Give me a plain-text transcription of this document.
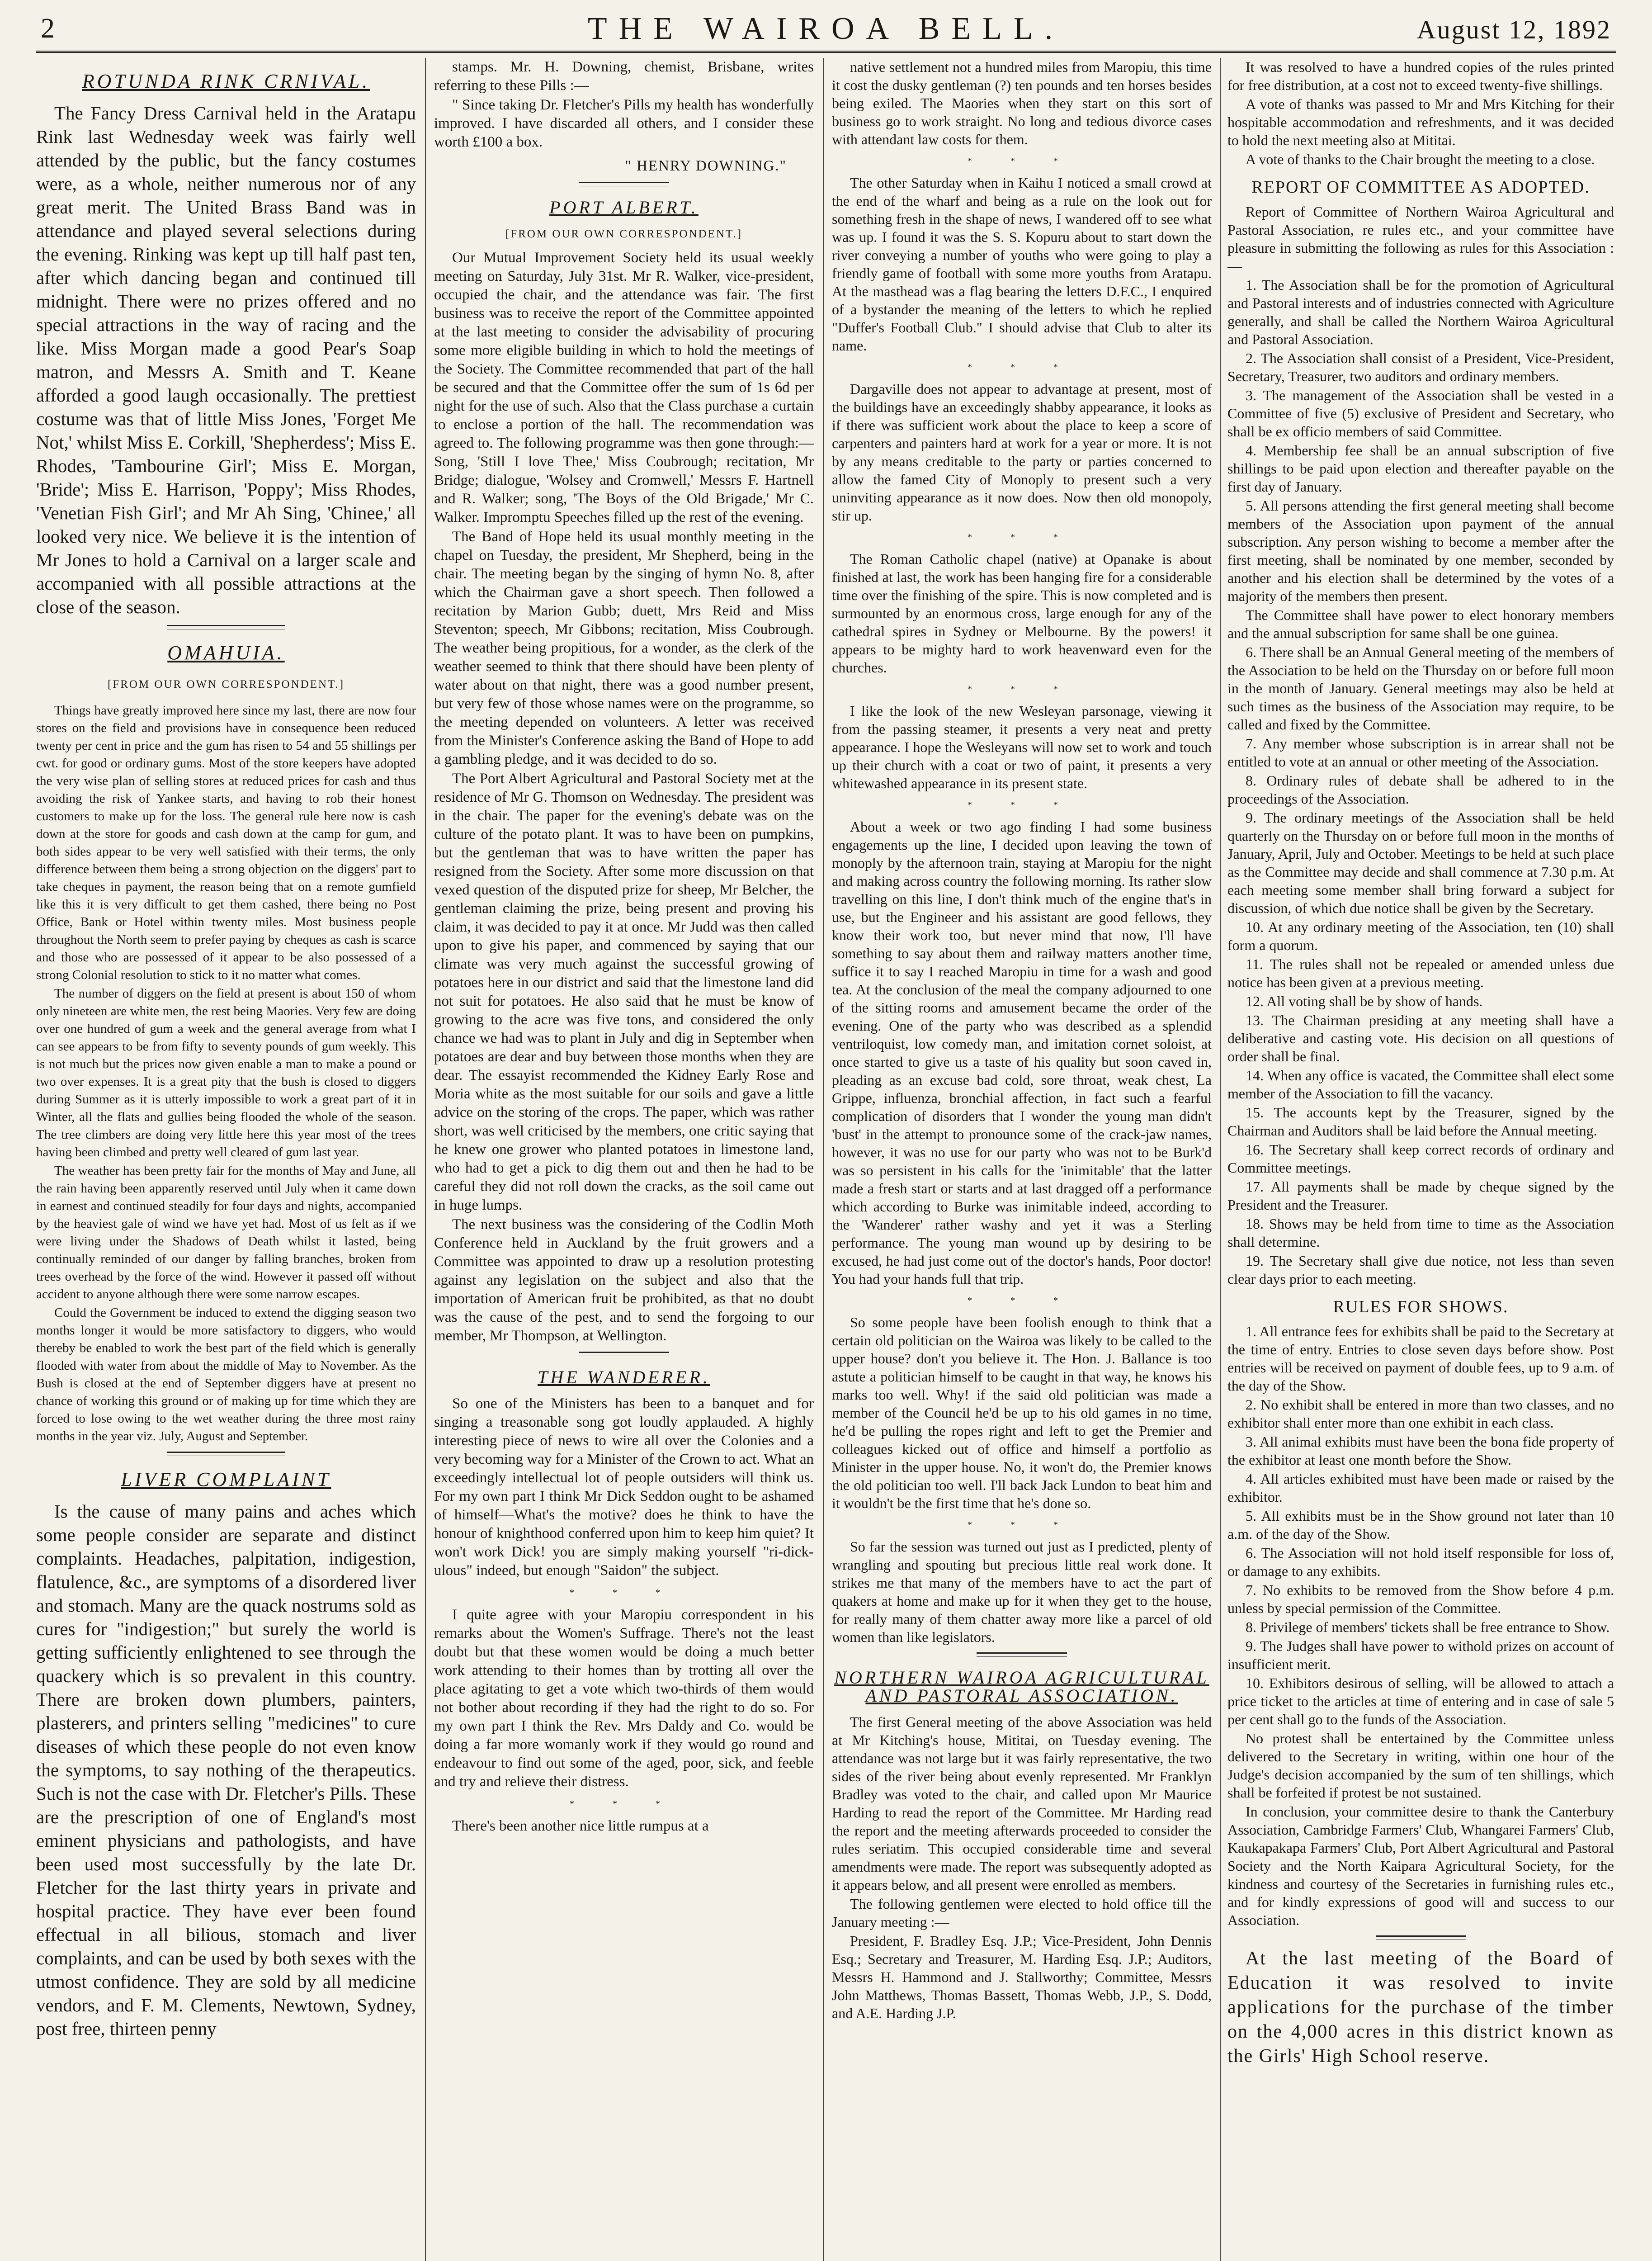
2	THE WAIROA BELL.	August 12, 1892
ROTUNDA RINK CRNIVAL.

The Fancy Dress Carnival held in the Aratapu Rink last Wednesday week was fairly well attended by the public, but the fancy costumes were, as a whole, neither numerous nor of any great merit. The United Brass Band was in attendance and played several selections during the evening. Rinking was kept up till half past ten, after which dancing began and continued till midnight. There were no prizes offered and no special attractions in the way of racing and the like. Miss Morgan made a good Pear's Soap matron, and Messrs A. Smith and T. Keane afforded a good laugh occasionally. The prettiest costume was that of little Miss Jones, 'Forget Me Not,' whilst Miss E. Corkill, 'Shepherdess'; Miss E. Rhodes, 'Tambourine Girl'; Miss E. Morgan, 'Bride'; Miss E. Harrison, 'Poppy'; Miss Rhodes, 'Venetian Fish Girl'; and Mr Ah Sing, 'Chinee,' all looked very nice. We believe it is the intention of Mr Jones to hold a Carnival on a larger scale and accompanied with all possible attractions at the close of the season.

OMAHUIA.
[FROM OUR OWN CORRESPONDENT.]

Things have greatly improved here since my last, there are now four stores on the field and provisions have in consequence been reduced twenty per cent in price and the gum has risen to 54 and 55 shillings per cwt. for good or ordinary gums. Most of the store keepers have adopted the very wise plan of selling stores at reduced prices for cash and thus avoiding the risk of Yankee starts, and having to rob their honest customers to make up for the loss. The general rule here now is cash down at the store for goods and cash down at the camp for gum, and both sides appear to be very well satisfied with their terms, the only difference between them being a strong objection on the diggers' part to take cheques in payment, the reason being that on a remote gumfield like this it is very difficult to get them cashed, there being no Post Office, Bank or Hotel within twenty miles. Most business people throughout the North seem to prefer paying by cheques as cash is scarce and those who are possessed of it appear to be also possessed of a strong Colonial resolution to stick to it no matter what comes.

The number of diggers on the field at present is about 150 of whom only nineteen are white men, the rest being Maories. Very few are doing over one hundred of gum a week and the general average from what I can see appears to be from fifty to seventy pounds of gum weekly. This is not much but the prices now given enable a man to make a pound or two over expenses. It is a great pity that the bush is closed to diggers during Summer as it is utterly impossible to work a great part of it in Winter, all the flats and gullies being flooded the whole of the season. The tree climbers are doing very little here this year most of the trees having been climbed and pretty well cleared of gum last year.

The weather has been pretty fair for the months of May and June, all the rain having been apparently reserved until July when it came down in earnest and continued steadily for four days and nights, accompanied by the heaviest gale of wind we have yet had. Most of us felt as if we were living under the Shadows of Death whilst it lasted, being continually reminded of our danger by falling branches, broken from trees overhead by the force of the wind. However it passed off without accident to anyone although there were some narrow escapes.

Could the Government be induced to extend the digging season two months longer it would be more satisfactory to diggers, who would thereby be enabled to work the best part of the field which is generally flooded with water from about the middle of May to November. As the Bush is closed at the end of September diggers have at present no chance of working this ground or of making up for time which they are forced to lose owing to the wet weather during the three most rainy months in the year viz. July, August and September.

LIVER COMPLAINT

Is the cause of many pains and aches which some people consider are separate and distinct complaints. Headaches, palpitation, indigestion, flatulence, &c., are symptoms of a disordered liver and stomach. Many are the quack nostrums sold as cures for "indigestion;" but surely the world is getting sufficiently enlightened to see through the quackery which is so prevalent in this country. There are broken down plumbers, painters, plasterers, and printers selling "medicines" to cure diseases of which these people do not even know the symptoms, to say nothing of the therapeutics. Such is not the case with Dr. Fletcher's Pills. These are the prescription of one of England's most eminent physicians and pathologists, and have been used most successfully by the late Dr. Fletcher for the last thirty years in private and hospital practice. They have ever been found effectual in all bilious, stomach and liver complaints, and can be used by both sexes with the utmost confidence. They are sold by all medicine vendors, and F. M. Clements, Newtown, Sydney, post free, thirteen penny

stamps. Mr. H. Downing, chemist, Brisbane, writes referring to these Pills :—

" Since taking Dr. Fletcher's Pills my health has wonderfully improved. I have discarded all others, and I consider these worth £100 a box.

" HENRY DOWNING."
PORT ALBERT.
[FROM OUR OWN CORRESPONDENT.]

Our Mutual Improvement Society held its usual weekly meeting on Saturday, July 31st. Mr R. Walker, vice-president, occupied the chair, and the attendance was fair. The first business was to receive the report of the Committee appointed at the last meeting to consider the advisability of procuring some more eligible building in which to hold the meetings of the Society. The Committee recommended that part of the hall be secured and that the Committee offer the sum of 1s 6d per night for the use of such. Also that the Class purchase a curtain to enclose a portion of the hall. The recommendation was agreed to. The following programme was then gone through:—Song, 'Still I love Thee,' Miss Coubrough; recitation, Mr Bridge; dialogue, 'Wolsey and Cromwell,' Messrs F. Hartnell and R. Walker; song, 'The Boys of the Old Brigade,' Mr C. Walker. Impromptu Speeches filled up the rest of the evening.

The Band of Hope held its usual monthly meeting in the chapel on Tuesday, the president, Mr Shepherd, being in the chair. The meeting began by the singing of hymn No. 8, after which the Chairman gave a short speech. Then followed a recitation by Marion Gubb; duett, Mrs Reid and Miss Steventon; speech, Mr Gibbons; recitation, Miss Coubrough. The weather being propitious, for a wonder, as the clerk of the weather seemed to think that there should have been plenty of water about on that night, there was a good number present, but very few of those whose names were on the programme, so the meeting depended on volunteers. A letter was received from the Minister's Conference asking the Band of Hope to add a gambling pledge, and it was decided to do so.

The Port Albert Agricultural and Pastoral Society met at the residence of Mr G. Thomson on Wednesday. The president was in the chair. The paper for the evening's debate was on the culture of the potato plant. It was to have been on pumpkins, but the gentleman that was to have written the paper has resigned from the Society. After some more discussion on that vexed question of the disputed prize for sheep, Mr Belcher, the gentleman claiming the prize, being present and proving his claim, it was decided to pay it at once. Mr Judd was then called upon to give his paper, and commenced by saying that our climate was very much against the successful growing of potatoes here in our district and said that the limestone land did not suit for potatoes. He also said that he must be know of growing to the acre was five tons, and considered the only chance we had was to plant in July and dig in September when potatoes are dear and buy between those months when they are dear. The essayist recommended the Kidney Early Rose and Moria white as the most suitable for our soils and gave a little advice on the storing of the crops. The paper, which was rather short, was well criticised by the members, one critic saying that he knew one grower who planted potatoes in limestone land, who had to get a pick to dig them out and then he had to be careful they did not roll down the cracks, as the soil came out in huge lumps.

The next business was the considering of the Codlin Moth Conference held in Auckland by the fruit growers and a Committee was appointed to draw up a resolution protesting against any legislation on the subject and also that the importation of American fruit be prohibited, as that no doubt was the cause of the pest, and to send the forgoing to our member, Mr Thompson, at Wellington.

THE WANDERER.

So one of the Ministers has been to a banquet and for singing a treasonable song got loudly applauded. A highly interesting piece of news to wire all over the Colonies and a very becoming way for a Minister of the Crown to act. What an exceedingly intellectual lot of people outsiders will think us. For my own part I think Mr Dick Seddon ought to be ashamed of himself—What's the motive? does he think to have the honour of knighthood conferred upon him to keep him quiet? It won't work Dick! you are simply making yourself "ri-dick-ulous" indeed, but enough "Saidon" the subject.

* * *

I quite agree with your Maropiu correspondent in his remarks about the Women's Suffrage. There's not the least doubt but that these women would be doing a much better work attending to their homes than by trotting all over the place agitating to get a vote which two-thirds of them would not bother about recording if they had the right to do so. For my own part I think the Rev. Mrs Daldy and Co. would be doing a far more womanly work if they would go round and endeavour to find out some of the aged, poor, sick, and feeble and try and relieve their distress.

* * *

There's been another nice little rumpus at a

native settlement not a hundred miles from Maropiu, this time it cost the dusky gentleman (?) ten pounds and ten horses besides being exiled. The Maories when they start on this sort of business go to work straight. No long and tedious divorce cases with attendant law costs for them.

* * *

The other Saturday when in Kaihu I noticed a small crowd at the end of the wharf and being as a rule on the look out for something fresh in the shape of news, I wandered off to see what was up. I found it was the S. S. Kopuru about to start down the river conveying a number of youths who were going to play a friendly game of football with some more youths from Aratapu. At the masthead was a flag bearing the letters D.F.C., I enquired of a bystander the meaning of the letters to which he replied "Duffer's Football Club." I should advise that Club to alter its name.

* * *

Dargaville does not appear to advantage at present, most of the buildings have an exceedingly shabby appearance, it looks as if there was sufficient work about the place to keep a score of carpenters and painters hard at work for a year or more. It is not by any means creditable to the party or parties concerned to allow the famed City of Monoply to present such a very uninviting appearance as it now does. Now then old monopoly, stir up.

* * *

The Roman Catholic chapel (native) at Opanake is about finished at last, the work has been hanging fire for a considerable time over the finishing of the spire. This is now completed and is surmounted by an enormous cross, large enough for any of the cathedral spires in Sydney or Melbourne. By the powers! it appears to be mighty hard to work heavenward even for the churches.

* * *

I like the look of the new Wesleyan parsonage, viewing it from the passing steamer, it presents a very neat and pretty appearance. I hope the Wesleyans will now set to work and touch up their church with a coat or two of paint, it presents a very whitewashed appearance in its present state.

* * *

About a week or two ago finding I had some business engagements up the line, I decided upon leaving the town of monoply by the afternoon train, staying at Maropiu for the night and making across country the following morning. Its rather slow travelling on this line, I don't think much of the engine that's in use, but the Engineer and his assistant are good fellows, they know their work too, but never mind that now, I'll have something to say about them and railway matters another time, suffice it to say I reached Maropiu in time for a wash and good tea. At the conclusion of the meal the company adjourned to one of the sitting rooms and amusement became the order of the evening. One of the party who was described as a splendid ventriloquist, low comedy man, and imitation cornet soloist, at once started to give us a taste of his quality but soon caved in, pleading as an excuse bad cold, sore throat, weak chest, La Grippe, influenza, bronchial affection, in fact such a fearful complication of disorders that I wonder the young man didn't 'bust' in the attempt to pronounce some of the crack-jaw names, however, it was no use for our party who was not to be Burk'd was so persistent in his calls for the 'inimitable' that the latter made a fresh start or starts and at last dragged off a performance which according to Burke was inimitable indeed, according to the 'Wanderer' rather washy and yet it was a Sterling performance. The young man wound up by desiring to be excused, he had just come out of the doctor's hands, Poor doctor! You had your hands full that trip.

* * *

So some people have been foolish enough to think that a certain old politician on the Wairoa was likely to be called to the upper house? don't you believe it. The Hon. J. Ballance is too astute a politician himself to be caught in that way, he knows his marks too well. Why! if the said old politician was made a member of the Council he'd be up to his old games in no time, he'd be pulling the ropes right and left to get the Premier and colleagues kicked out of office and himself a portfolio as Minister in the upper house. No, it won't do, the Premier knows the old politician too well. I'll back Jack Lundon to beat him and it wouldn't be the first time that he's done so.

* * *

So far the session was turned out just as I predicted, plenty of wrangling and spouting but precious little real work done. It strikes me that many of the members have to act the part of quakers at home and make up for it when they get to the house, for really many of them chatter away more like a parcel of old women than like legislators.

NORTHERN WAIROA AGRICULTURAL AND PASTORAL ASSOCIATION.

The first General meeting of the above Association was held at Mr Kitching's house, Mititai, on Tuesday evening. The attendance was not large but it was fairly representative, the two sides of the river being about evenly represented. Mr Franklyn Bradley was voted to the chair, and called upon Mr Maurice Harding to read the report of the Committee. Mr Harding read the report and the meeting afterwards proceeded to consider the rules seriatim. This occupied considerable time and several amendments were made. The report was subsequently adopted as it appears below, and all present were enrolled as members.

The following gentlemen were elected to hold office till the January meeting :—

President, F. Bradley Esq. J.P.; Vice-President, John Dennis Esq.; Secretary and Treasurer, M. Harding Esq. J.P.; Auditors, Messrs H. Hammond and J. Stallworthy; Committee, Messrs John Matthews, Thomas Bassett, Thomas Webb, J.P., S. Dodd, and A.E. Harding J.P.

It was resolved to have a hundred copies of the rules printed for free distribution, at a cost not to exceed twenty-five shillings.

A vote of thanks was passed to Mr and Mrs Kitching for their hospitable accommodation and refreshments, and it was decided to hold the next meeting also at Mititai.

A vote of thanks to the Chair brought the meeting to a close.

REPORT OF COMMITTEE AS ADOPTED.

Report of Committee of Northern Wairoa Agricultural and Pastoral Association, re rules etc., and your committee have pleasure in submitting the following as rules for this Association :—

1. The Association shall be for the promotion of Agricultural and Pastoral interests and of industries connected with Agriculture generally, and shall be called the Northern Wairoa Agricultural and Pastoral Association.

2. The Association shall consist of a President, Vice-President, Secretary, Treasurer, two auditors and ordinary members.

3. The management of the Association shall be vested in a Committee of five (5) exclusive of President and Secretary, who shall be ex officio members of said Committee.

4. Membership fee shall be an annual subscription of five shillings to be paid upon election and thereafter payable on the first day of January.

5. All persons attending the first general meeting shall become members of the Association upon payment of the annual subscription. Any person wishing to become a member after the first meeting, shall be nominated by one member, seconded by another and his election shall be determined by the votes of a majority of the members then present.

The Committee shall have power to elect honorary members and the annual subscription for same shall be one guinea.

6. There shall be an Annual General meeting of the members of the Association to be held on the Thursday on or before full moon in the month of January. General meetings may also be held at such times as the business of the Association may require, to be called and fixed by the Committee.

7. Any member whose subscription is in arrear shall not be entitled to vote at an annual or other meeting of the Association.

8. Ordinary rules of debate shall be adhered to in the proceedings of the Association.

9. The ordinary meetings of the Association shall be held quarterly on the Thursday on or before full moon in the months of January, April, July and October. Meetings to be held at such place as the Committee may decide and shall commence at 7.30 p.m. At each meeting some member shall bring forward a subject for discussion, of which due notice shall be given by the Secretary.

10. At any ordinary meeting of the Association, ten (10) shall form a quorum.

11. The rules shall not be repealed or amended unless due notice has been given at a previous meeting.

12. All voting shall be by show of hands.

13. The Chairman presiding at any meeting shall have a deliberative and casting vote. His decision on all questions of order shall be final.

14. When any office is vacated, the Committee shall elect some member of the Association to fill the vacancy.

15. The accounts kept by the Treasurer, signed by the Chairman and Auditors shall be laid before the Annual meeting.

16. The Secretary shall keep correct records of ordinary and Committee meetings.

17. All payments shall be made by cheque signed by the President and the Treasurer.

18. Shows may be held from time to time as the Association shall determine.

19. The Secretary shall give due notice, not less than seven clear days prior to each meeting.

RULES FOR SHOWS.

1. All entrance fees for exhibits shall be paid to the Secretary at the time of entry. Entries to close seven days before show. Post entries will be received on payment of double fees, up to 9 a.m. of the day of the Show.

2. No exhibit shall be entered in more than two classes, and no exhibitor shall enter more than one exhibit in each class.

3. All animal exhibits must have been the bona fide property of the exhibitor at least one month before the Show.

4. All articles exhibited must have been made or raised by the exhibitor.

5. All exhibits must be in the Show ground not later than 10 a.m. of the day of the Show.

6. The Association will not hold itself responsible for loss of, or damage to any exhibits.

7. No exhibits to be removed from the Show before 4 p.m. unless by special permission of the Committee.

8. Privilege of members' tickets shall be free entrance to Show.

9. The Judges shall have power to withold prizes on account of insufficient merit.

10. Exhibitors desirous of selling, will be allowed to attach a price ticket to the articles at time of entering and in case of sale 5 per cent shall go to the funds of the Association.

No protest shall be entertained by the Committee unless delivered to the Secretary in writing, within one hour of the Judge's decision accompanied by the sum of ten shillings, which shall be forfeited if protest be not sustained.

In conclusion, your committee desire to thank the Canterbury Association, Cambridge Farmers' Club, Whangarei Farmers' Club, Kaukapakapa Farmers' Club, Port Albert Agricultural and Pastoral Society and the North Kaipara Agricultural Society, for the kindness and courtesy of the Secretaries in furnishing rules etc., and for kindly expressions of good will and success to our Association.

At the last meeting of the Board of Education it was resolved to invite applications for the purchase of the timber on the 4,000 acres in this district known as the Girls' High School reserve.
